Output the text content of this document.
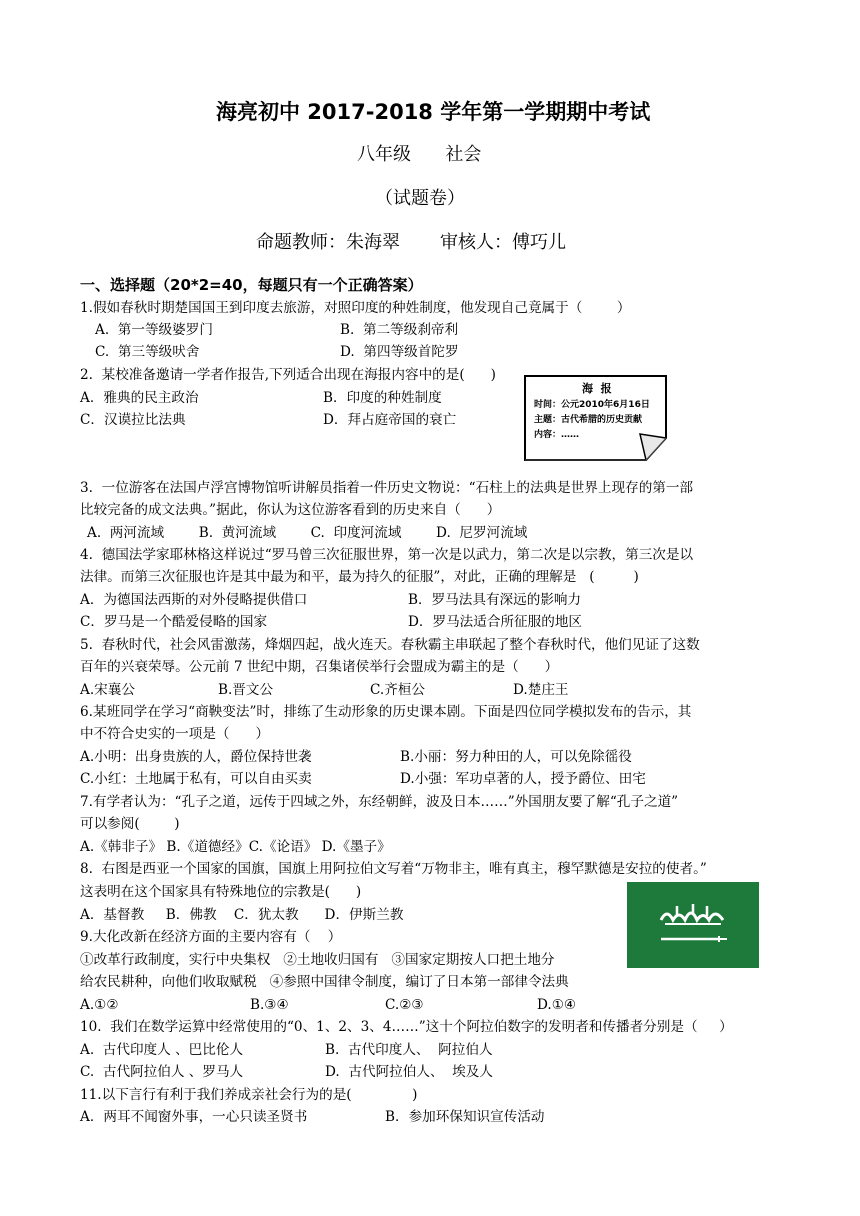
海亮初中 2017-2018 学年第一学期期中考试
八年级      社会
（试题卷）
命题教师：朱海翠       审核人：傅巧儿
一、选择题（20*2=40，每题只有一个正确答案）
1.假如春秋时期楚国国王到印度去旅游，对照印度的种姓制度，他发现自己竟属于（        ）
A.  第一等级婆罗门	B.  第二等级刹帝利
C.  第三等级吠舍	D.  第四等级首陀罗
2.  某校准备邀请一学者作报告,下列适合出现在海报内容中的是(      )
A．雅典的民主政治	B．印度的种姓制度
C．汉谟拉比法典	D．拜占庭帝国的衰亡
3.  一位游客在法国卢浮宫博物馆听讲解员指着一件历史文物说：“石柱上的法典是世界上现存的第一部
比较完备的成文法典。”据此，你认为这位游客看到的历史来自（      ）
A.  两河流域        B.  黄河流域        C.  印度河流域        D.  尼罗河流域
4.  德国法学家耶林格这样说过“罗马曾三次征服世界，第一次是以武力，第二次是以宗教，第三次是以
法律。而第三次征服也许是其中最为和平，最为持久的征服”，对此，正确的理解是   (         )
A．为德国法西斯的对外侵略提供借口	B．罗马法具有深远的影响力
C．罗马是一个酷爱侵略的国家	D．罗马法适合所征服的地区
5.  春秋时代，社会风雷激荡，烽烟四起，战火连天。春秋霸主串联起了整个春秋时代，他们见证了这数
百年的兴衰荣辱。公元前 7 世纪中期，召集诸侯举行会盟成为霸主的是（      ）
A.宋襄公	B.晋文公	C.齐桓公	D.楚庄王
6.某班同学在学习“商鞅变法”时，排练了生动形象的历史课本剧。下面是四位同学模拟发布的告示，其
中不符合史实的一项是（      ）
A.小明：出身贵族的人，爵位保持世袭	B.小丽：努力种田的人，可以免除徭役
C.小红：土地属于私有，可以自由买卖	D.小强：军功卓著的人，授予爵位、田宅
7.有学者认为：“孔子之道，远传于四域之外，东经朝鲜，波及日本……”外国朋友要了解“孔子之道”
可以参阅(        )
A.《韩非子》 B.《道德经》C.《论语》 D.《墨子》
8.  右图是西亚一个国家的国旗，国旗上用阿拉伯文写着“万物非主，唯有真主，穆罕默德是安拉的使者。”
这表明在这个国家具有特殊地位的宗教是(      )
A．基督教     B．佛教    C．犹太教      D．伊斯兰教
9.大化改新在经济方面的主要内容有（    ）
①改革行政制度，实行中央集权   ②土地收归国有   ③国家定期按人口把土地分
给农民耕种，向他们收取赋税   ④参照中国律令制度，编订了日本第一部律令法典
A.①②	B.③④	C.②③	D.①④
10.  我们在数学运算中经常使用的“0、1、2、3、4……”这十个阿拉伯数字的发明者和传播者分别是（     ）
A.  古代印度人 、巴比伦人	B.  古代印度人、  阿拉伯人
C.  古代阿拉伯人 、罗马人	D.  古代阿拉伯人、  埃及人
11.以下言行有利于我们养成亲社会行为的是(              )
A．两耳不闻窗外事，一心只读圣贤书	B．参加环保知识宣传活动
海  报
时间：公元2010年6月16日
主题：古代希腊的历史贡献
内容：……
